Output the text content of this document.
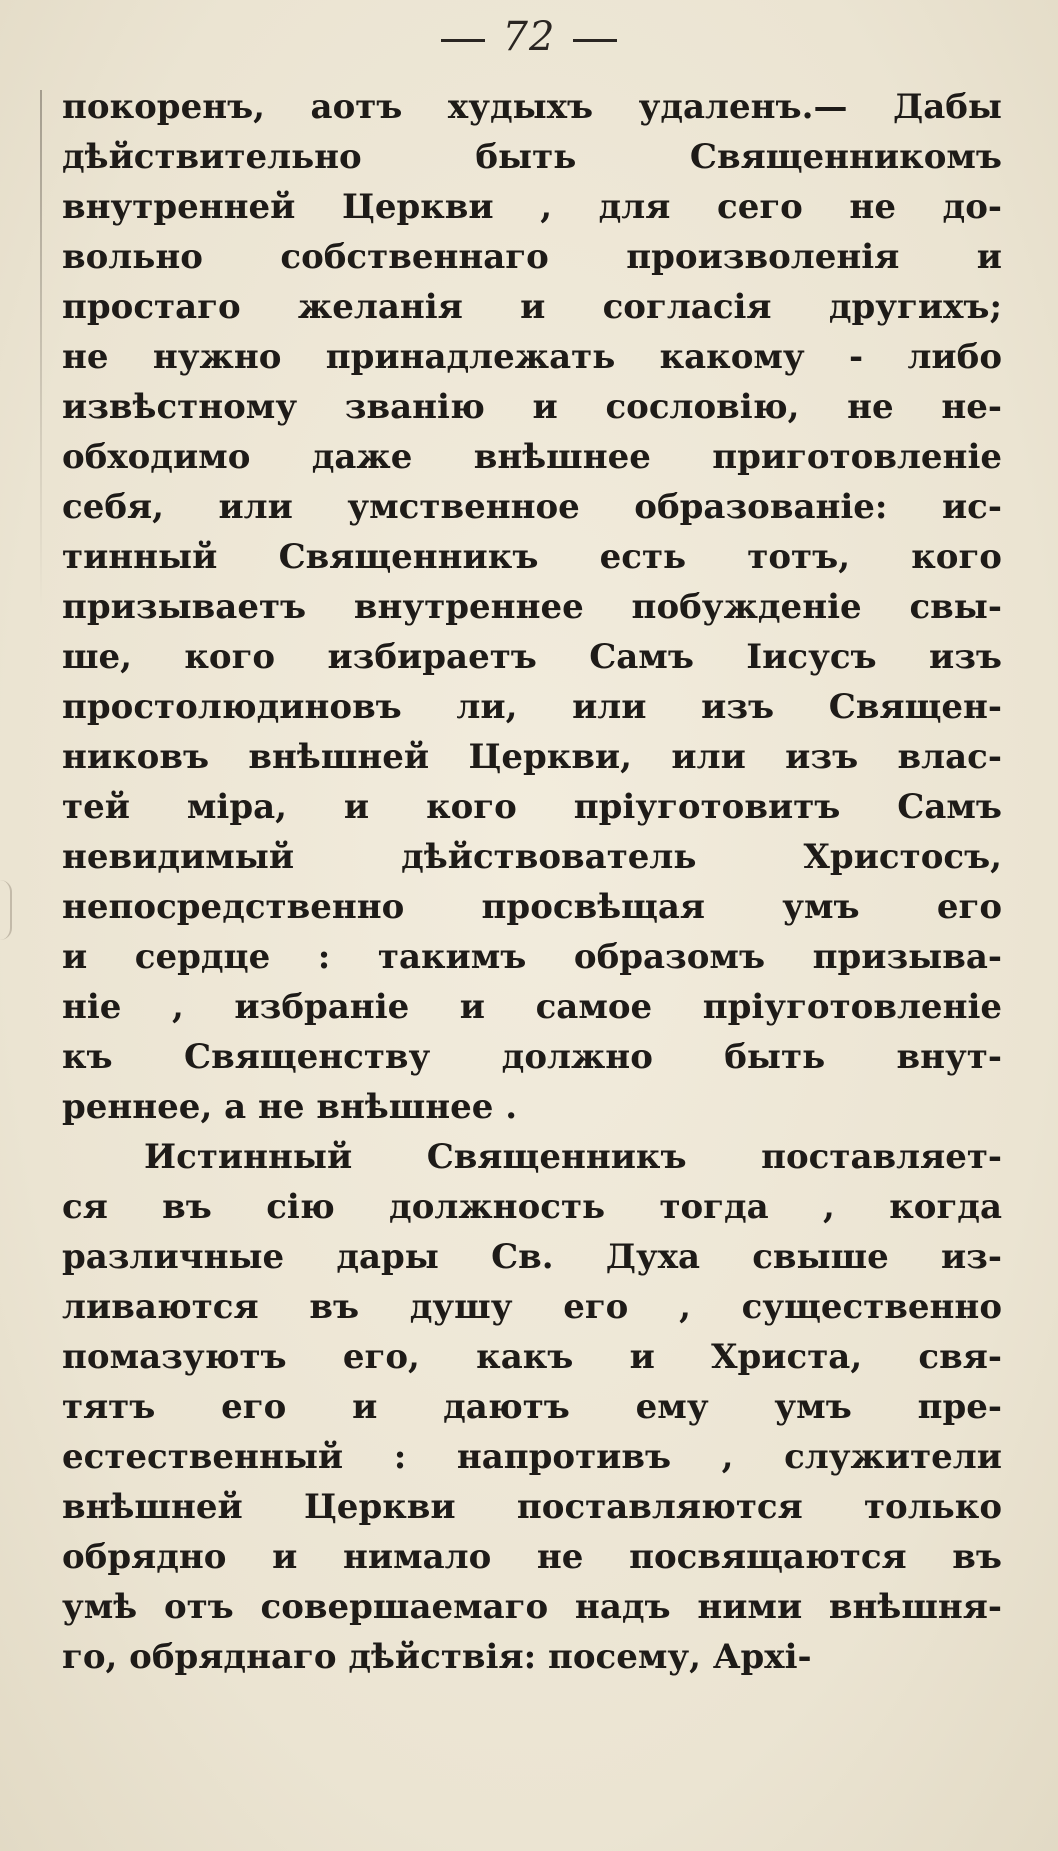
72
покоренъ, аотъ худыхъ удаленъ.— Дабы
дѣйствительно быть Священникомъ
внутренней Церкви , для сего не до-
вольно собственнаго произволенія и
простаго желанія и согласія другихъ;
не нужно принадлежать какому - либо
извѣстному званію и сословію, не не-
обходимо даже внѣшнее приготовленіе
себя, или умственное образованіе: ис-
тинный Священникъ есть тотъ, кого
призываетъ внутреннее побужденіе свы-
ше, кого избираетъ Самъ Іисусъ изъ
простолюдиновъ ли, или изъ Священ-
никовъ внѣшней Церкви, или изъ влас-
тей міра, и кого пріуготовитъ Самъ
невидимый дѣйствователь Христосъ,
непосредственно просвѣщая умъ его
и сердце : такимъ образомъ призыва-
ніе , избраніе и самое пріуготовленіе
къ Священству должно быть внут-
реннее, а не внѣшнее .
Истинный Священникъ поставляет-
ся въ сію должность тогда , когда
различные дары Св. Духа свыше из-
ливаются въ душу его , существенно
помазуютъ его, какъ и Христа, свя-
тятъ его и даютъ ему умъ пре-
естественный : напротивъ , служители
внѣшней Церкви поставляются только
обрядно и нимало не посвящаются въ
умѣ отъ совершаемаго надъ ними внѣшня-
го, обряднаго дѣйствія: посему, Архі-
